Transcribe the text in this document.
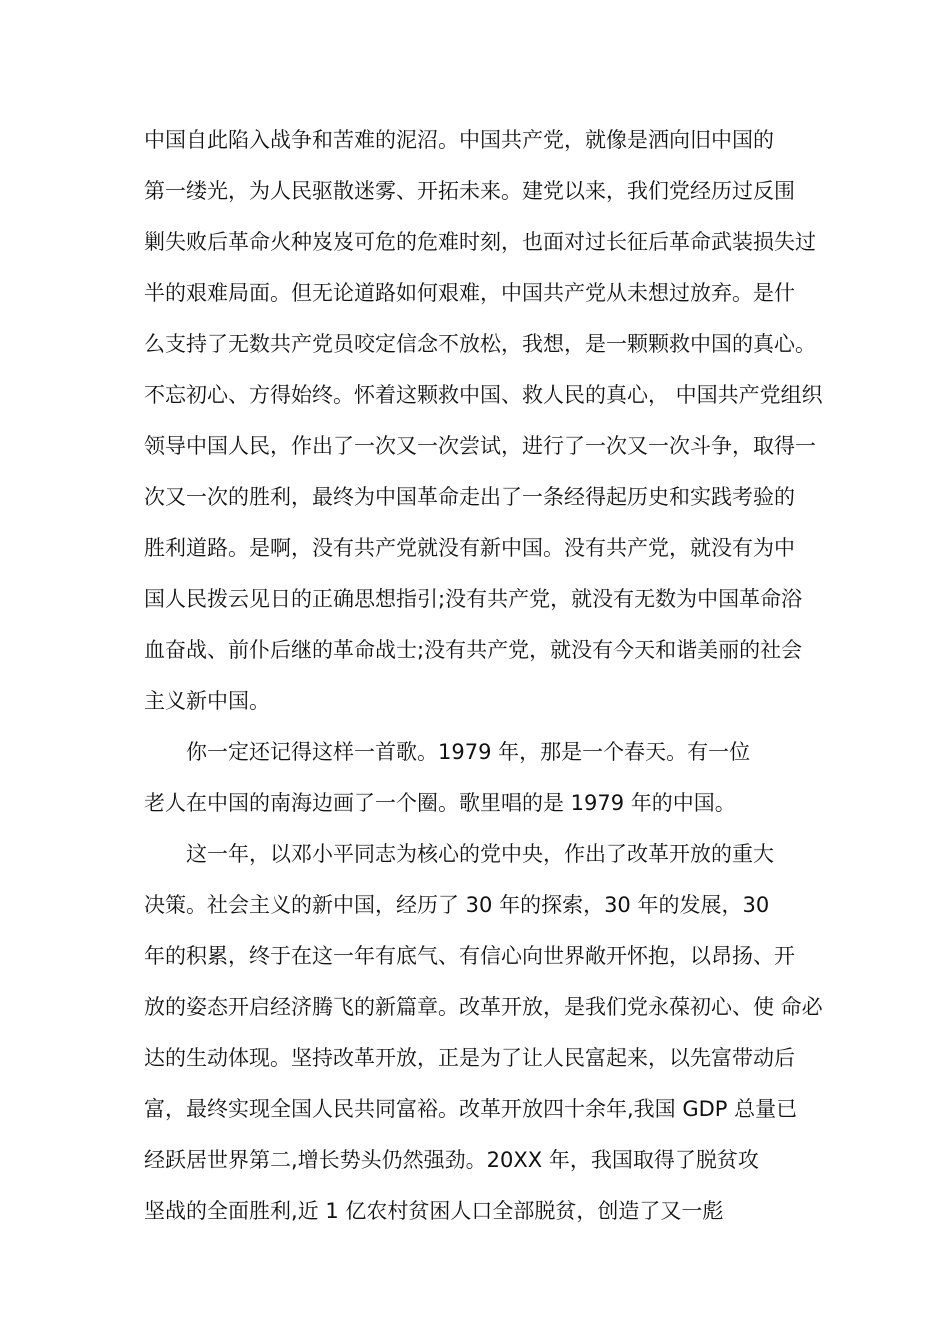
中国自此陷入战争和苦难的泥沼。中国共产党，就像是洒向旧中国的
第一缕光，为人民驱散迷雾、开拓未来。建党以来，我们党经历过反围
剿失败后革命火种岌岌可危的危难时刻，也面对过长征后革命武装损失过
半的艰难局面。但无论道路如何艰难，中国共产党从未想过放弃。是什
么支持了无数共产党员咬定信念不放松，我想，是一颗颗救中国的真心。
不忘初心、方得始终。怀着这颗救中国、救人民的真心， 中国共产党组织
领导中国人民，作出了一次又一次尝试，进行了一次又一次斗争，取得一
次又一次的胜利，最终为中国革命走出了一条经得起历史和实践考验的
胜利道路。是啊，没有共产党就没有新中国。没有共产党，就没有为中
国人民拨云见日的正确思想指引;没有共产党，就没有无数为中国革命浴
血奋战、前仆后继的革命战士;没有共产党，就没有今天和谐美丽的社会
主义新中国。
你一定还记得这样一首歌。1979 年，那是一个春天。有一位
老人在中国的南海边画了一个圈。歌里唱的是 1979 年的中国。
这一年，以邓小平同志为核心的党中央，作出了改革开放的重大
决策。社会主义的新中国，经历了 30 年的探索，30 年的发展，30
年的积累，终于在这一年有底气、有信心向世界敞开怀抱，以昂扬、开
放的姿态开启经济腾飞的新篇章。改革开放，是我们党永葆初心、使 命必
达的生动体现。坚持改革开放，正是为了让人民富起来，以先富带动后
富，最终实现全国人民共同富裕。改革开放四十余年,我国 GDP 总量已
经跃居世界第二,增长势头仍然强劲。20XX 年，我国取得了脱贫攻
坚战的全面胜利,近 1 亿农村贫困人口全部脱贫，创造了又一彪
